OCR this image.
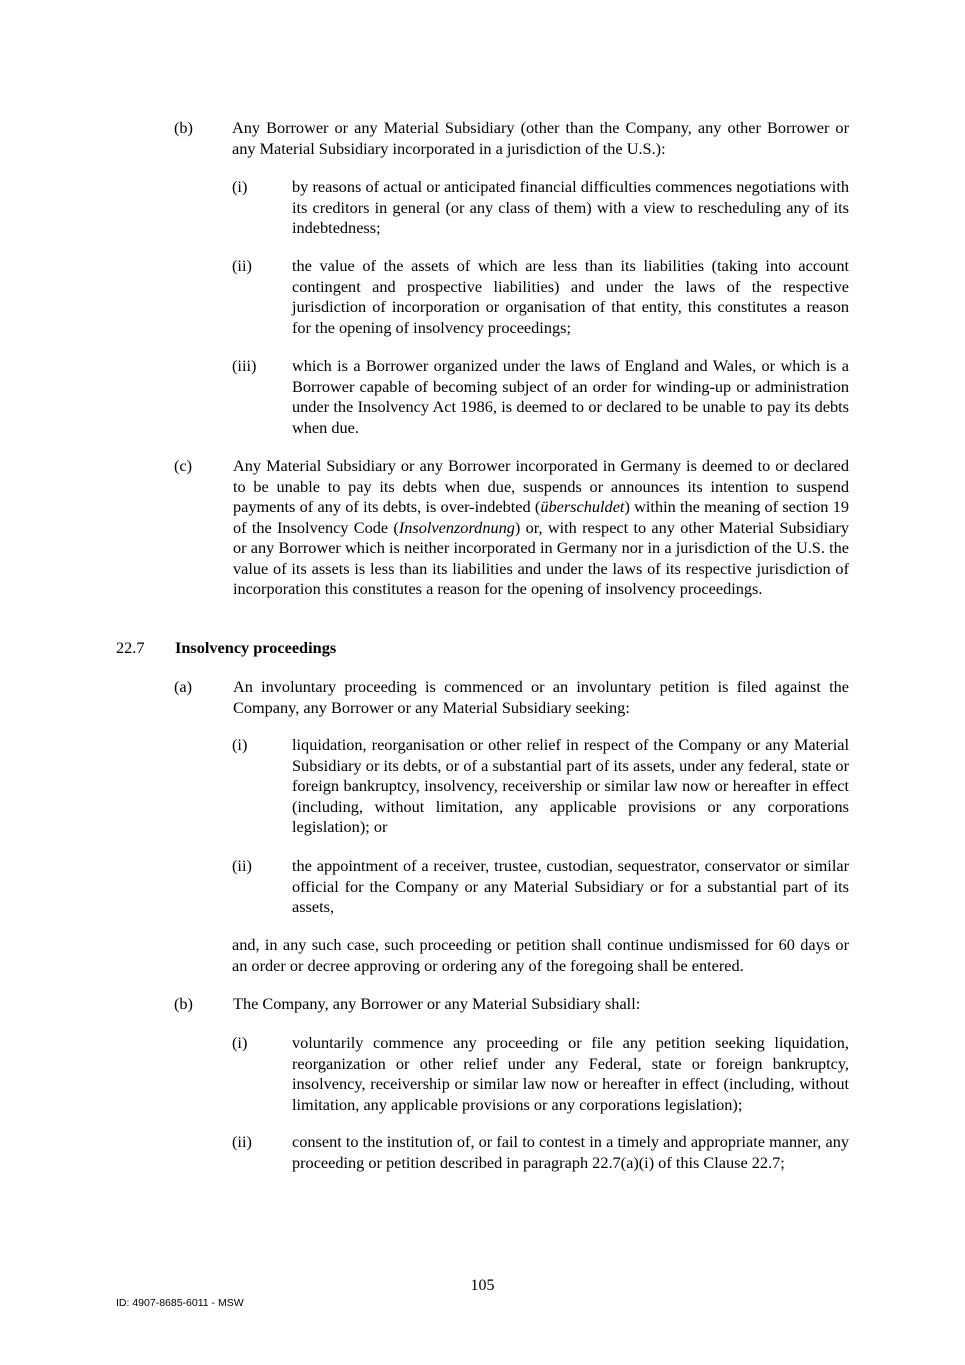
(b) Any Borrower or any Material Subsidiary (other than the Company, any other Borrower or any Material Subsidiary incorporated in a jurisdiction of the U.S.):
(i)	by reasons of actual or anticipated financial difficulties commences negotiations with its creditors in general (or any class of them) with a view to rescheduling any of its indebtedness;
(ii) the value of the assets of which are less than its liabilities (taking into account contingent and prospective liabilities) and under the laws of the respective jurisdiction of incorporation or organisation of that entity, this constitutes a reason for the opening of insolvency proceedings;
(iii) which is a Borrower organized under the laws of England and Wales, or which is a Borrower capable of becoming subject of an order for winding-up or administration under the Insolvency Act 1986, is deemed to or declared to be unable to pay its debts when due.
(c)	Any Material Subsidiary or any Borrower incorporated in Germany is deemed to or declared to be unable to pay its debts when due, suspends or announces its intention to suspend payments of any of its debts, is over-indebted (überschuldet) within the meaning of section 19 of the Insolvency Code (Insolvenzordnung) or, with respect to any other Material Subsidiary or any Borrower which is neither incorporated in Germany nor in a jurisdiction of the U.S. the value of its assets is less than its liabilities and under the laws of its respective jurisdiction of incorporation this constitutes a reason for the opening of insolvency proceedings.
22.7 Insolvency proceedings
(a)	An involuntary proceeding is commenced or an involuntary petition is filed against the Company, any Borrower or any Material Subsidiary seeking:
(i)	liquidation, reorganisation or other relief in respect of the Company or any Material Subsidiary or its debts, or of a substantial part of its assets, under any federal, state or foreign bankruptcy, insolvency, receivership or similar law now or hereafter in effect (including, without limitation, any applicable provisions or any corporations legislation); or
(ii) the appointment of a receiver, trustee, custodian, sequestrator, conservator or similar official for the Company or any Material Subsidiary or for a substantial part of its assets,
and, in any such case, such proceeding or petition shall continue undismissed for 60 days or an order or decree approving or ordering any of the foregoing shall be entered.
(b) The Company, any Borrower or any Material Subsidiary shall:
(i)	voluntarily commence any proceeding or file any petition seeking liquidation, reorganization or other relief under any Federal, state or foreign bankruptcy, insolvency, receivership or similar law now or hereafter in effect (including, without limitation, any applicable provisions or any corporations legislation);
(ii) consent to the institution of, or fail to contest in a timely and appropriate manner, any proceeding or petition described in paragraph 22.7(a)(i) of this Clause 22.7;
105
ID: 4907-8685-6011 - MSW
